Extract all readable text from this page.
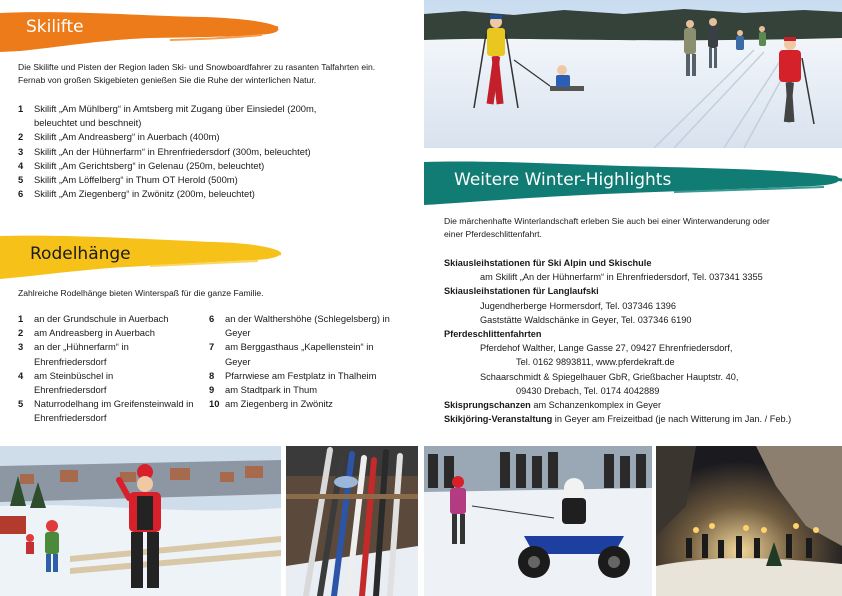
Skilifte
Die Skilifte und Pisten der Region laden Ski- und Snowboardfahrer zu rasanten Talfahrten ein. Fernab von großen Skigebieten genießen Sie die Ruhe der winterlichen Natur.
1	Skilift „Am Mühlberg“ in Amtsberg mit Zugang über Einsiedel (200m, beleuchtet und beschneit)
2	Skilift „Am Andreasberg“ in Auerbach (400m)
3	Skilift „An der Hühnerfarm“ in Ehrenfriedersdorf (300m, beleuchtet)
4	Skilift „Am Gerichtsberg“ in Gelenau (250m, beleuchtet)
5	Skilift „Am Löffelberg“ in Thum OT Herold (500m)
6	Skilift „Am Ziegenberg“ in Zwönitz (200m, beleuchtet)
Rodelhänge
Zahlreiche Rodelhänge bieten Winterspaß für die ganze Familie.
1	an der Grundschule in Auerbach
2	am Andreasberg in Auerbach
3	an der „Hühnerfarm“ in Ehrenfriedersdorf
4	am Steinbüschel in Ehrenfriedersdorf
5	Naturrodelhang im Greifensteinwald in Ehrenfriedersdorf
6	an der Walthershöhe (Schlegelsberg) in Geyer
7	am Berggasthaus „Kapellenstein“ in Geyer
8	Pfarrwiese am Festplatz in Thalheim
9	am Stadtpark in Thum
10 am Ziegenberg in Zwönitz
Weitere Winter-Highlights
Die märchenhafte Winterlandschaft erleben Sie auch bei einer Winterwanderung oder einer Pferdeschlittenfahrt.
Skiausleihstationen für Ski Alpin und Skischule
am Skilift „An der Hühnerfarm“ in Ehrenfriedersdorf, Tel. 037341 3355
Skiausleihstationen für Langlaufski
Jugendherberge Hormersdorf, Tel. 037346 1396
Gaststätte Waldschänke in Geyer, Tel. 037346 6190
Pferdeschlittenfahrten
Pferdehof Walther, Lange Gasse 27, 09427 Ehrenfriedersdorf,
Tel. 0162 9893811, www.pferdekraft.de
Schaarschmidt & Spiegelhauer GbR, Grießbacher Hauptstr. 40,
09430 Drebach, Tel. 0174 4042889
Skisprungschanzen am Schanzenkomplex in Geyer
Skikjöring-Veranstaltung in Geyer am Freizeitbad (je nach Witterung im Jan. / Feb.)
